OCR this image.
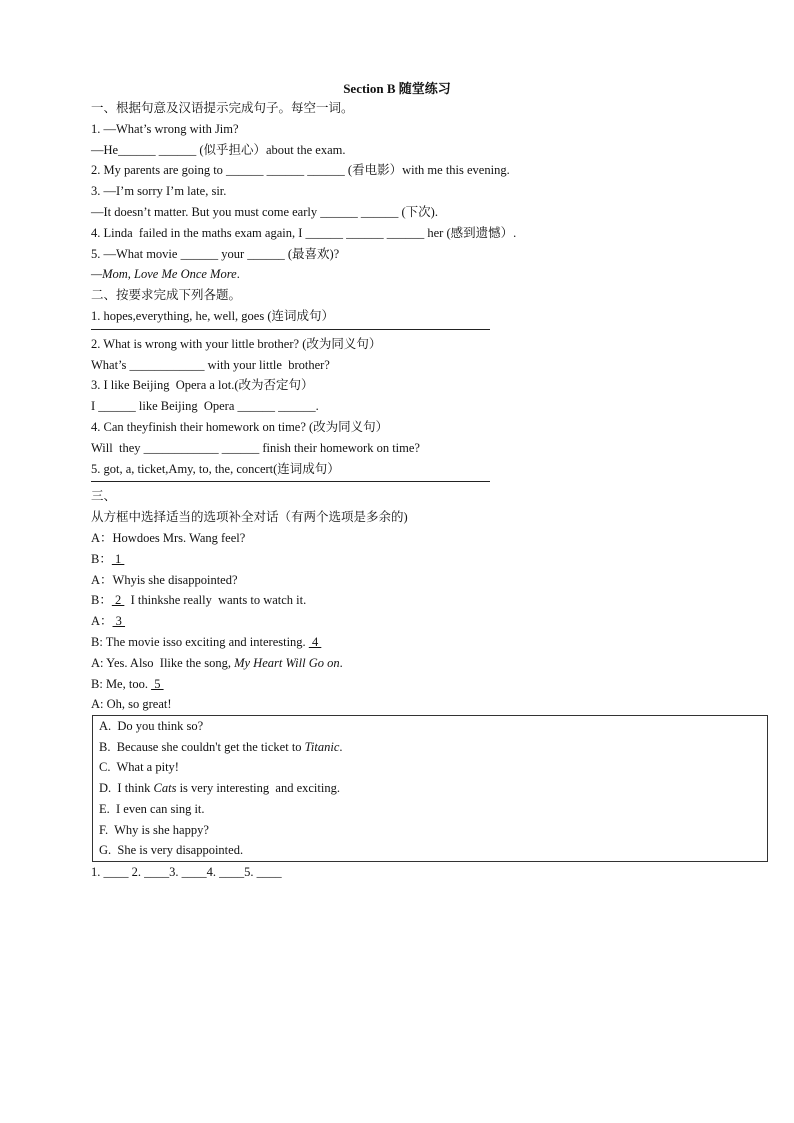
Section B 随堂练习
一、根据句意及汉语提示完成句子。每空一词。
1. —What’s wrong with Jim?
—He______ ______ (似乎担心）about the exam.
2. My parents are going to ______ ______ ______ (看电影）with me this evening.
3. —I’m sorry I’m late, sir.
—It doesn’t matter. But you must come early ______ ______ (下次).
4. Linda  failed in the maths exam again, I ______ ______ ______ her (感到遗憾）.
5. —What movie ______ your ______ (最喜欢)?
—Mom, Love Me Once More.
二、按要求完成下列各题。
1. hopes,everything, he, well, goes (连词成句）
2. What is wrong with your little brother? (改为同义句）
What’s ____________ with your little  brother?
3. I like Beijing  Opera a lot.(改为否定句）
I ______ like Beijing  Opera ______ ______.
4. Can theyfinish their homework on time? (改为同义句）
Will  they ____________ ______ finish their homework on time?
5. got, a, ticket,Amy, to, the, concert(连词成句）
三、
从方框中选择适当的选项补全对话（有两个选项是多余的)
A：Howdoes Mrs. Wang feel?
B： 1
A：Whyis she disappointed?
B： 2   I thinkshe really  wants to watch it.
A： 3
B: The movie isso exciting and interesting.  4
A: Yes. Also  Ilike the song, My Heart Will Go on.
B: Me, too.  5
A: Oh, so great!
A.  Do you think so?
B.  Because she couldn't get the ticket to Titanic.
C.  What a pity!
D.  I think Cats is very interesting  and exciting.
E.  I even can sing it.
F.  Why is she happy?
G.  She is very disappointed.
1. ____ 2. ____3. ____4. ____5. ____
